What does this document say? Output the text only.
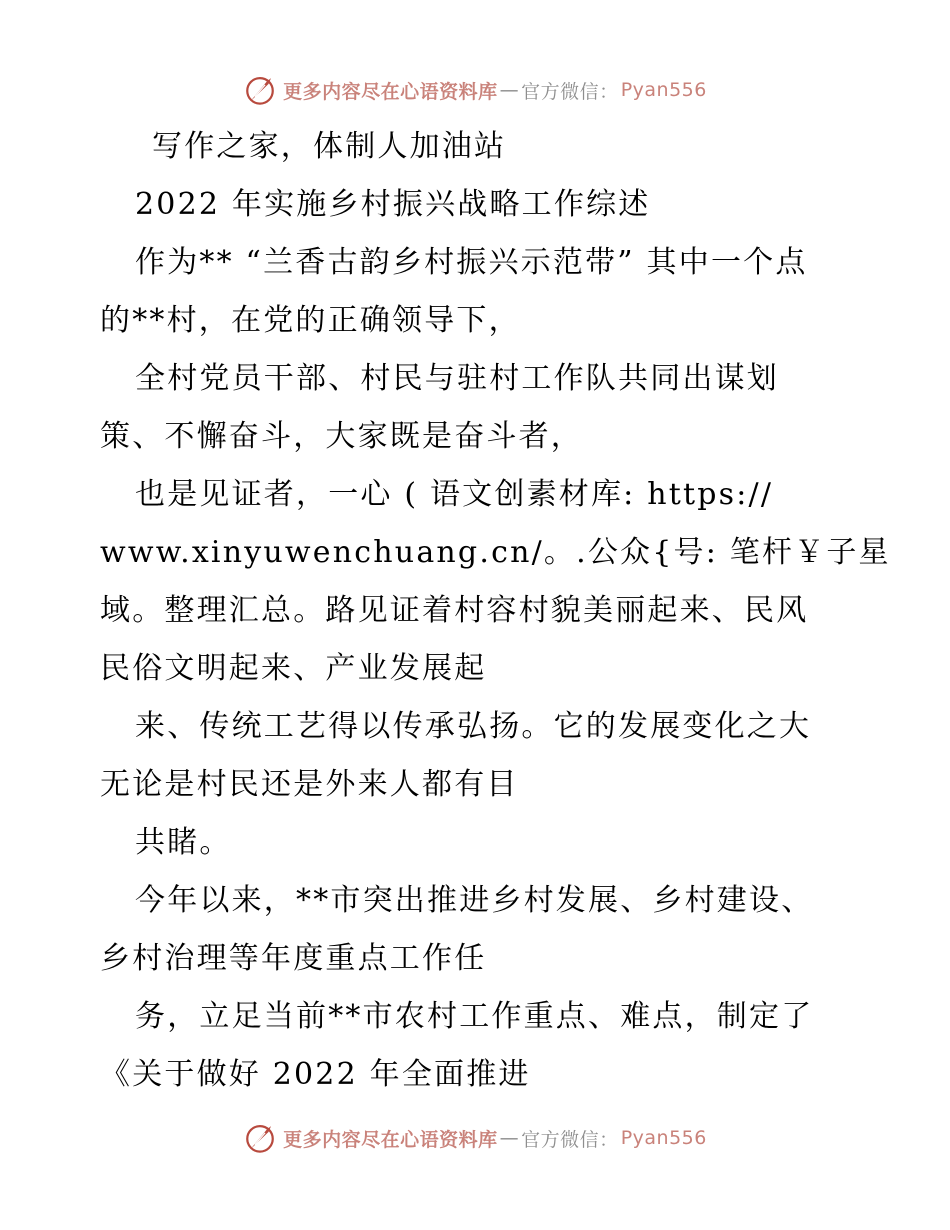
更多内容尽在心语资料库 — 官方微信： Pyan556
写作之家，体制人加油站
2022 年实施乡村振兴战略工作综述
作为** “兰香古韵乡村振兴示范带” 其中一个点
的**村，在党的正确领导下，
全村党员干部、村民与驻村工作队共同出谋划
策、不懈奋斗，大家既是奋斗者，
也是见证者，一心 ( 语文创素材库: https://
www.xinyuwenchuang.cn/。.公众{号: 笔杆￥子星
域。整理汇总。路见证着村容村貌美丽起来、民风
民俗文明起来、产业发展起
来、传统工艺得以传承弘扬。它的发展变化之大
无论是村民还是外来人都有目
共睹。
今年以来，**市突出推进乡村发展、乡村建设、
乡村治理等年度重点工作任
务，立足当前**市农村工作重点、难点，制定了
《关于做好 2022 年全面推进
更多内容尽在心语资料库 — 官方微信： Pyan556
